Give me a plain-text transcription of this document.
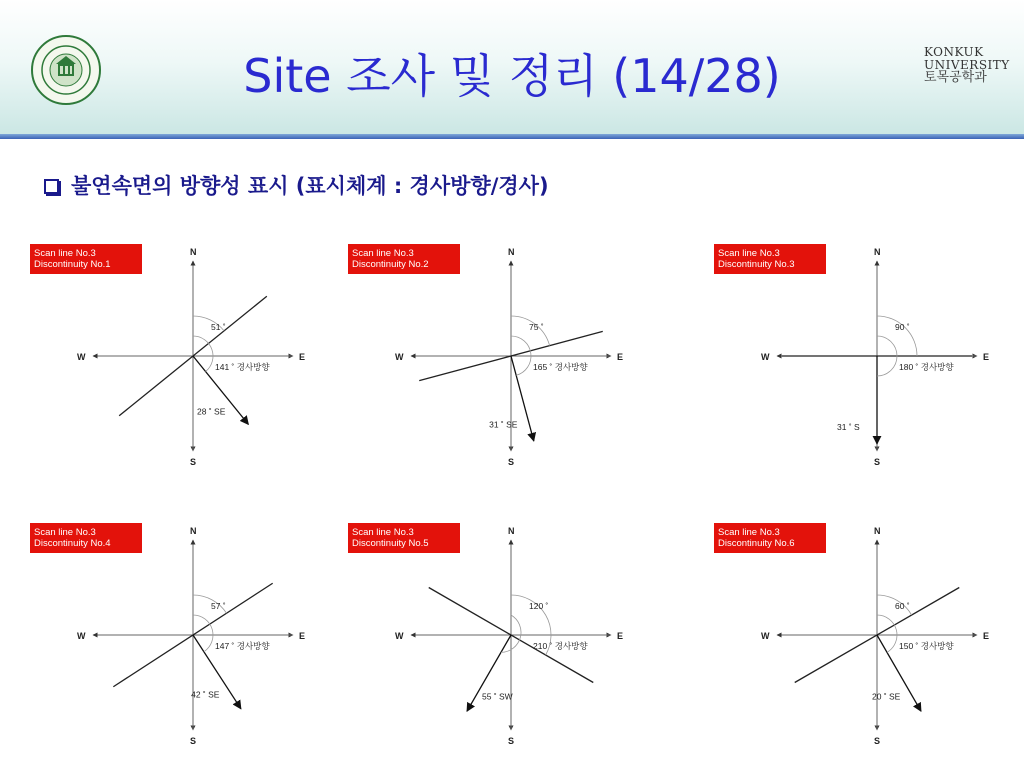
Site 조사 및 정리 (14/28)	KONKUK
UNIVERSITY
토목공학과
불연속면의 방향성 표시 (표시체계 : 경사방향/경사)
Scan line No.3
Discontinuity No.1
N
S
E
W
51 ˚
141 ˚ 경사방향
28 ˚ SE
Scan line No.3
Discontinuity No.2
N
S
E
W
75 ˚
165 ˚ 경사방향
31 ˚ SE
Scan line No.3
Discontinuity No.3
N
S
E
W
90 ˚
180 ˚ 경사방향
31 ˚ S
Scan line No.3
Discontinuity No.4
N
S
E
W
57 ˚
147 ˚ 경사방향
42 ˚ SE
Scan line No.3
Discontinuity No.5
N
S
E
W
120 ˚
210 ˚ 경사방향
55 ˚ SW
Scan line No.3
Discontinuity No.6
N
S
E
W
60 ˚
150 ˚ 경사방향
20 ˚ SE
